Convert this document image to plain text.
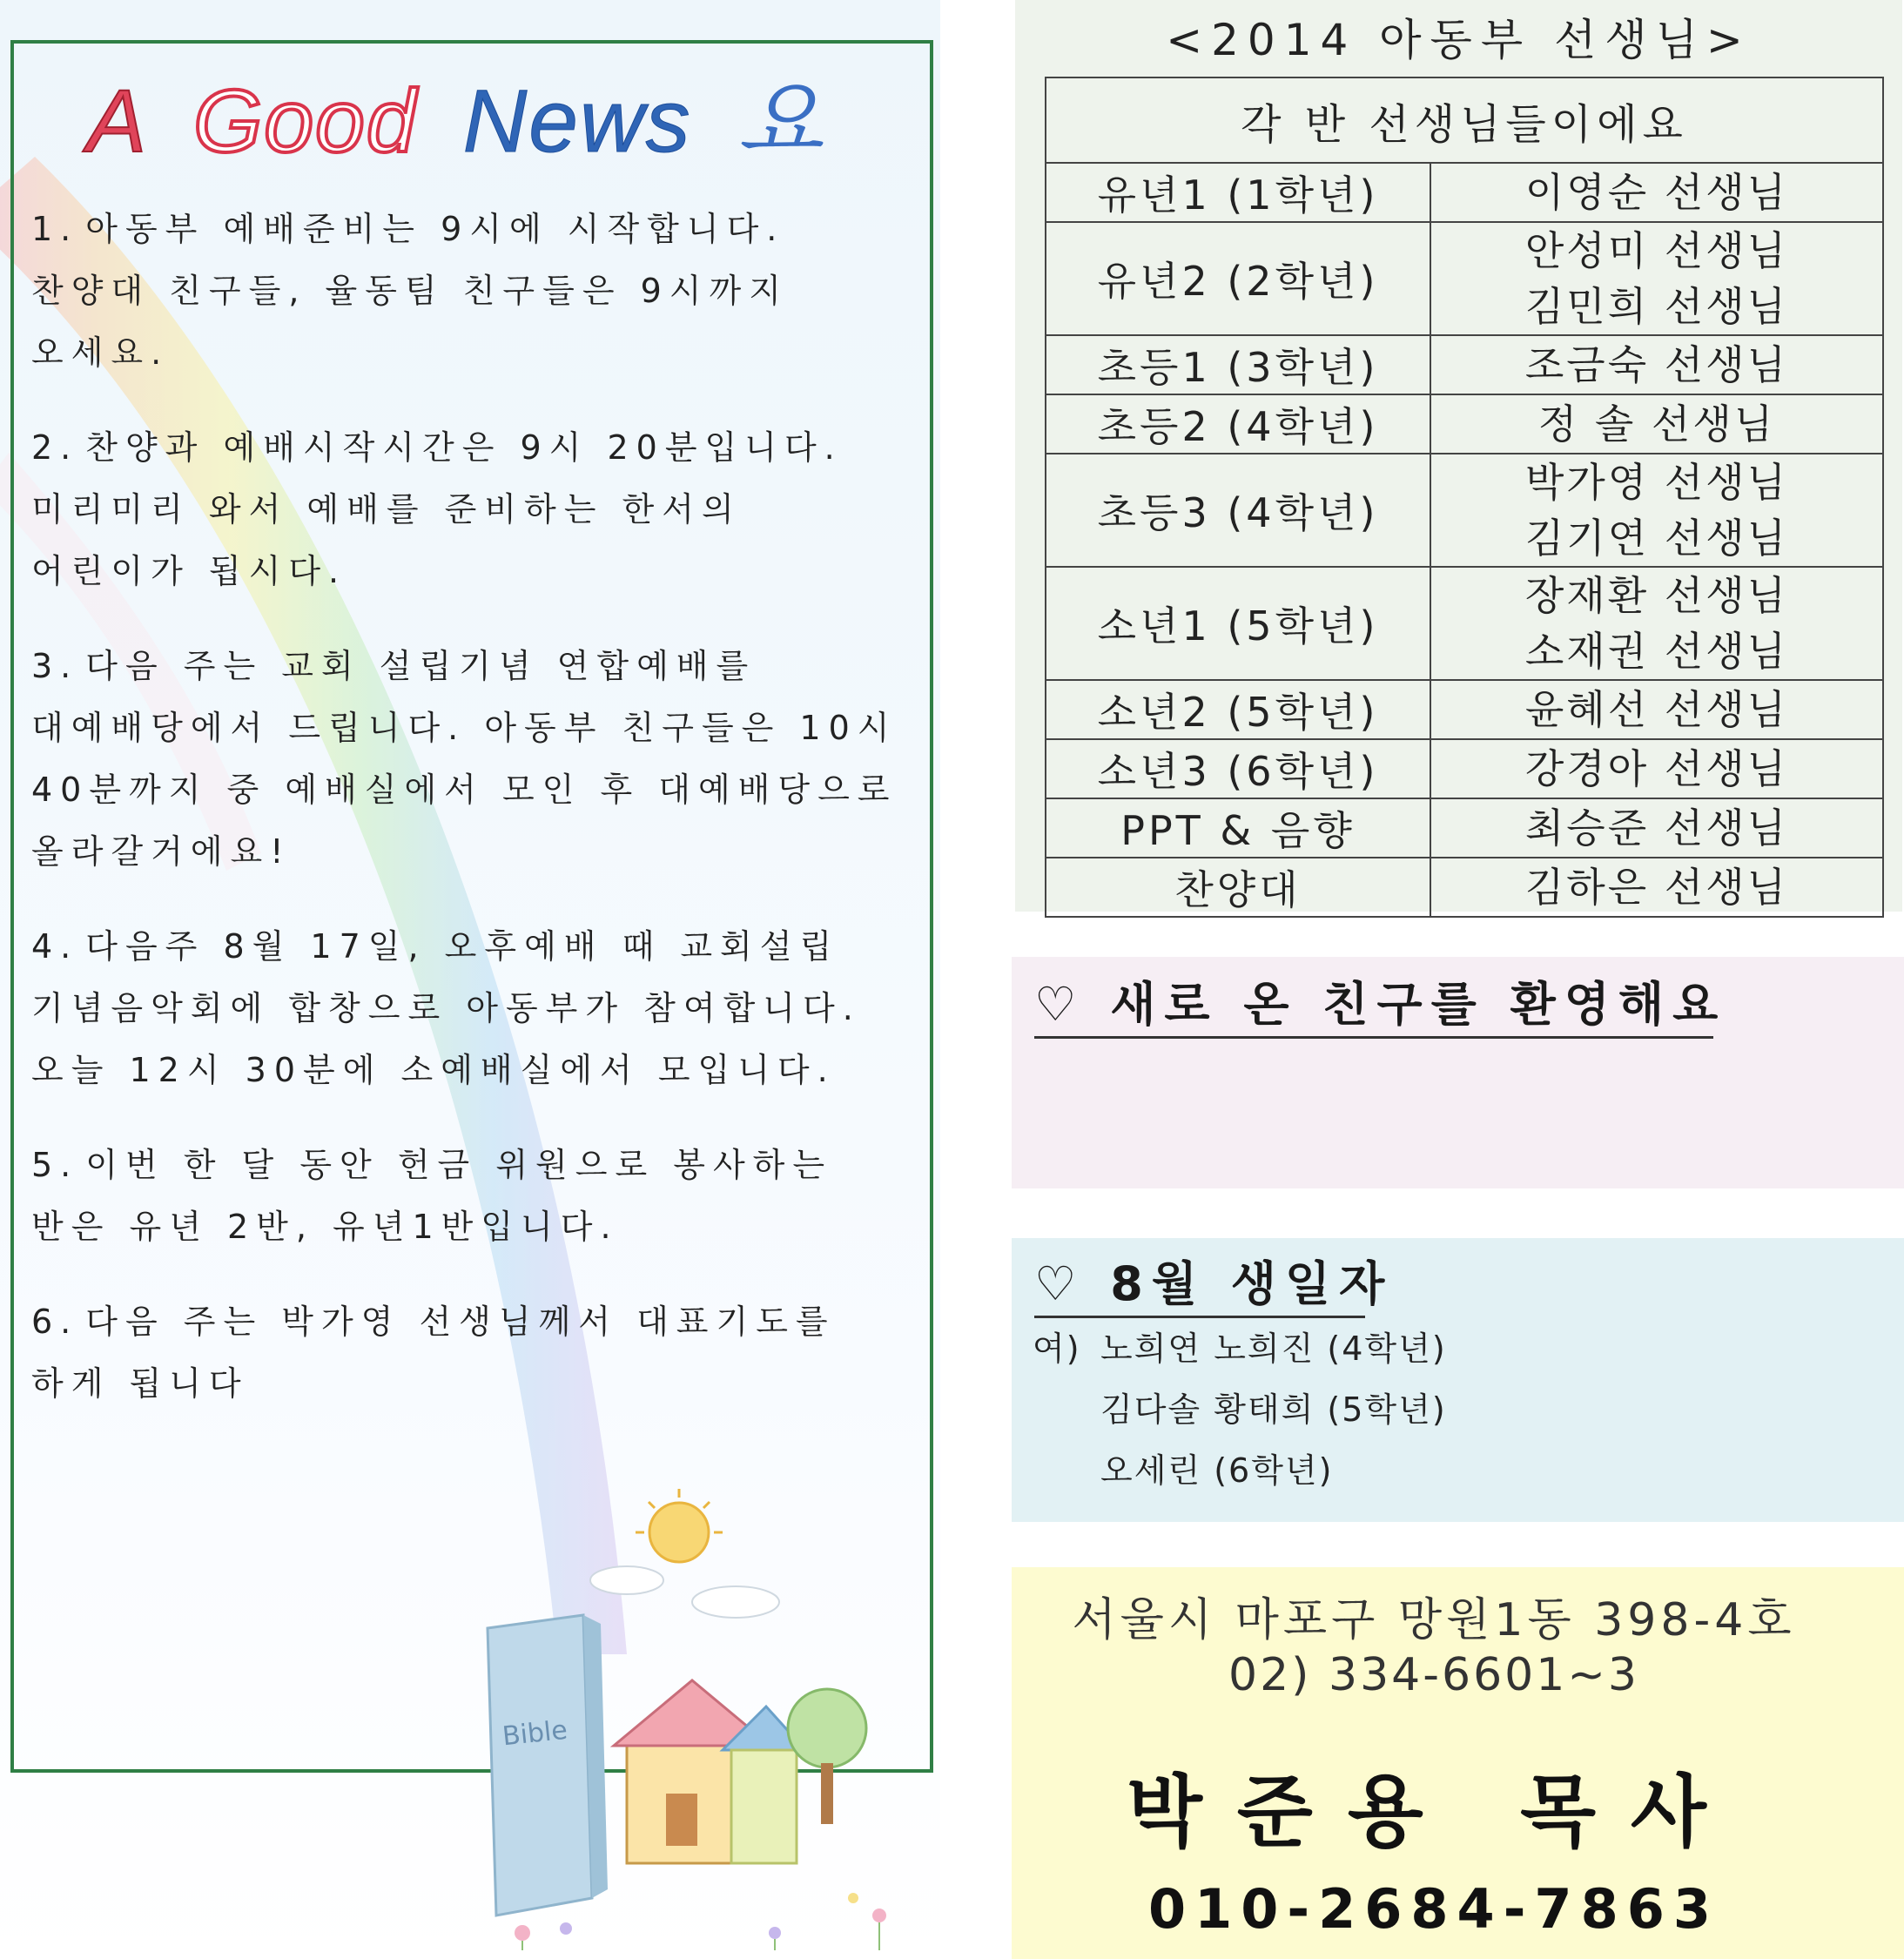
A Good News 요
1. 아동부 예배준비는 9시에 시작합니다. 찬양대 친구들, 율동팀 친구들은 9시까지 오세요.
2. 찬양과 예배시작시간은 9시 20분입니다. 미리미리 와서 예배를 준비하는 한서의 어린이가 됩시다.
3. 다음 주는 교회 설립기념 연합예배를 대예배당에서 드립니다. 아동부 친구들은 10시 40분까지 중 예배실에서 모인 후 대예배당으로 올라갈거에요!
4. 다음주 8월 17일, 오후예배 때 교회설립 기념음악회에 합창으로 아동부가 참여합니다. 오늘 12시 30분에 소예배실에서 모입니다.
5. 이번 한 달 동안 헌금 위원으로 봉사하는 반은 유년 2반, 유년1반입니다.
6. 다음 주는 박가영 선생님께서 대표기도를 하게 됩니다
Bible
<2014 아동부 선생님>
각 반 선생님들이에요	
유년1 (1학년)	이영순 선생님

유년2 (2학년)	안성미 선생님
김민희 선생님

초등1 (3학년)	조금숙 선생님

초등2 (4학년)	정 솔 선생님

초등3 (4학년)	박가영 선생님
김기연 선생님

소년1 (5학년)	장재환 선생님
소재권 선생님

소년2 (5학년)	윤혜선 선생님

소년3 (6학년)	강경아 선생님

PPT & 음향	최승준 선생님

찬양대	김하은 선생님
♡ 새로 온 친구를 환영해요
♡ 8월 생일자
여) 노희연 노희진 (4학년)
김다솔 황태희 (5학년)
오세린 (6학년)
서울시 마포구 망원1동 398-4호
02) 334-6601~3
박준용 목사
010-2684-7863
